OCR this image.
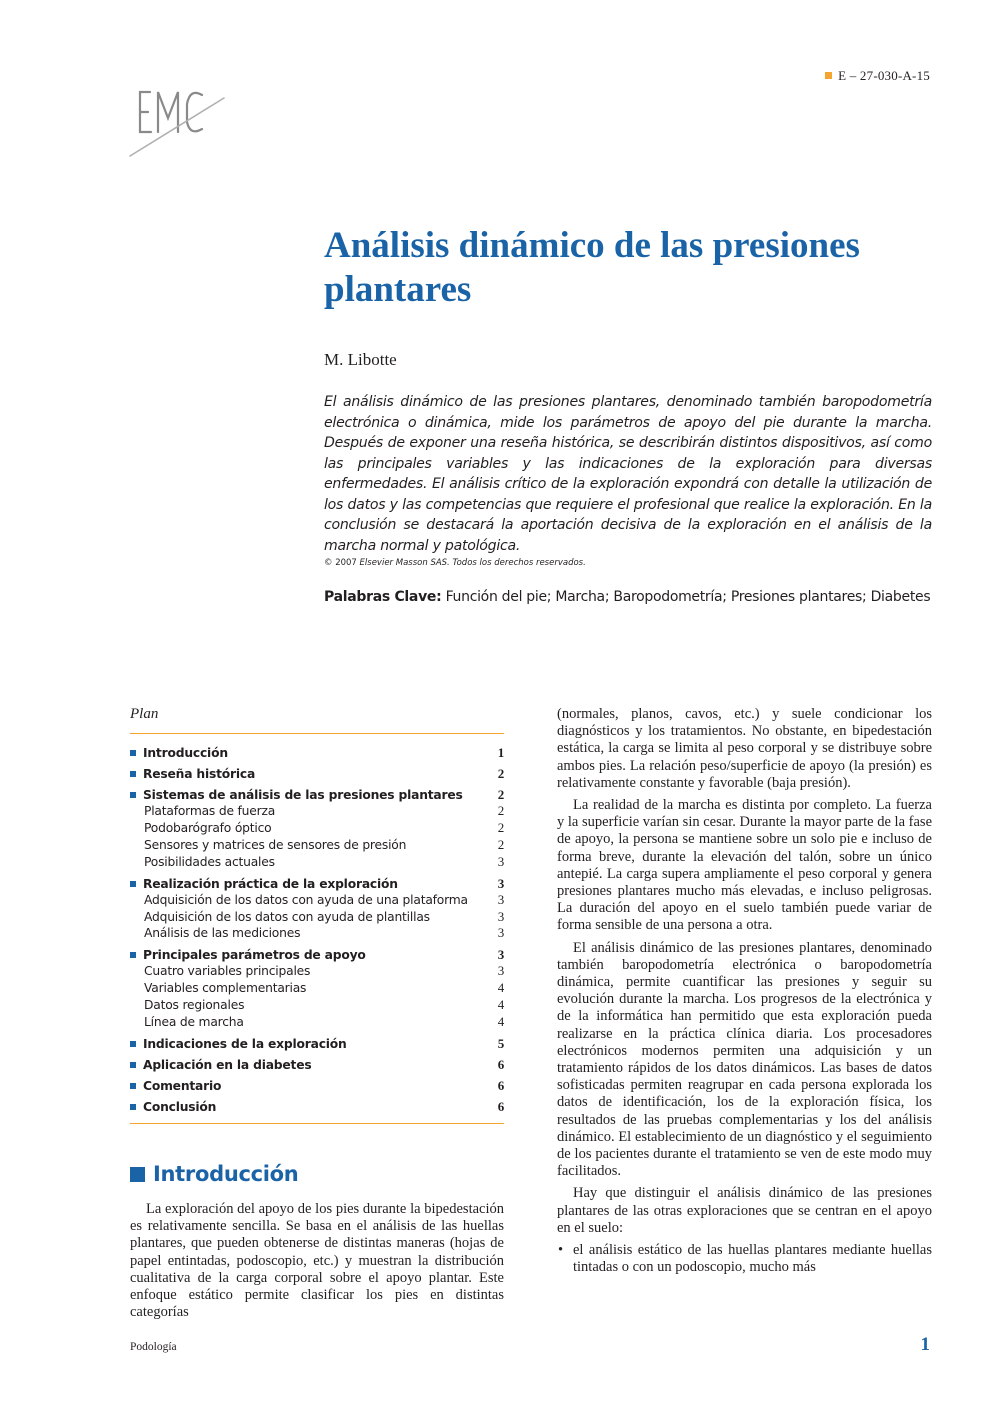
E – 27-030-A-15
Análisis dinámico de las presiones plantares
M. Libotte

El análisis dinámico de las presiones plantares, denominado también baropodometría electrónica o dinámica, mide los parámetros de apoyo del pie durante la marcha. Después de exponer una reseña histórica, se describirán distintos dispositivos, así como las principales variables y las indicaciones de la exploración para diversas enfermedades. El análisis crítico de la exploración expondrá con detalle la utilización de los datos y las competencias que requiere el profesional que realice la exploración. En la conclusión se destacará la aportación decisiva de la exploración en el análisis de la marcha normal y patológica.

© 2007 Elsevier Masson SAS. Todos los derechos reservados.
Palabras Clave: Función del pie; Marcha; Baropodometría; Presiones plantares; Diabetes
Plan
Introducción	1
Reseña histórica	2
Sistemas de análisis de las presiones plantares	2
Plataformas de fuerza	2
Podobarógrafo óptico	2
Sensores y matrices de sensores de presión	2
Posibilidades actuales	3
Realización práctica de la exploración	3
Adquisición de los datos con ayuda de una plataforma 3
Adquisición de los datos con ayuda de plantillas	3
Análisis de las mediciones	3
Principales parámetros de apoyo	3
Cuatro variables principales	3
Variables complementarias	4
Datos regionales	4
Línea de marcha	4
Indicaciones de la exploración	5
Aplicación en la diabetes	6
Comentario	6
Conclusión	6
Introducción

La exploración del apoyo de los pies durante la bipedestación es relativamente sencilla. Se basa en el análisis de las huellas plantares, que pueden obtenerse de distintas maneras (hojas de papel entintadas, podoscopio, etc.) y muestran la distribución cualitativa de la carga corporal sobre el apoyo plantar. Este enfoque estático permite clasificar los pies en distintas categorías

(normales, planos, cavos, etc.) y suele condicionar los diagnósticos y los tratamientos. No obstante, en bipedestación estática, la carga se limita al peso corporal y se distribuye sobre ambos pies. La relación peso/superficie de apoyo (la presión) es relativamente constante y favorable (baja presión).

La realidad de la marcha es distinta por completo. La fuerza y la superficie varían sin cesar. Durante la mayor parte de la fase de apoyo, la persona se mantiene sobre un solo pie e incluso de forma breve, durante la elevación del talón, sobre un único antepié. La carga supera ampliamente el peso corporal y genera presiones plantares mucho más elevadas, e incluso peligrosas. La duración del apoyo en el suelo también puede variar de forma sensible de una persona a otra.

El análisis dinámico de las presiones plantares, denominado también baropodometría electrónica o baropodometría dinámica, permite cuantificar las presiones y seguir su evolución durante la marcha. Los progresos de la electrónica y de la informática han permitido que esta exploración pueda realizarse en la práctica clínica diaria. Los procesadores electrónicos modernos permiten una adquisición y un tratamiento rápidos de los datos dinámicos. Las bases de datos sofisticadas permiten reagrupar en cada persona explorada los datos de identificación, los de la exploración física, los resultados de las pruebas complementarias y los del análisis dinámico. El establecimiento de un diagnóstico y el seguimiento de los pacientes durante el tratamiento se ven de este modo muy facilitados.

Hay que distinguir el análisis dinámico de las presiones plantares de las otras exploraciones que se centran en el apoyo en el suelo:

• el análisis estático de las huellas plantares mediante huellas tintadas o con un podoscopio, mucho más
Podología	1
